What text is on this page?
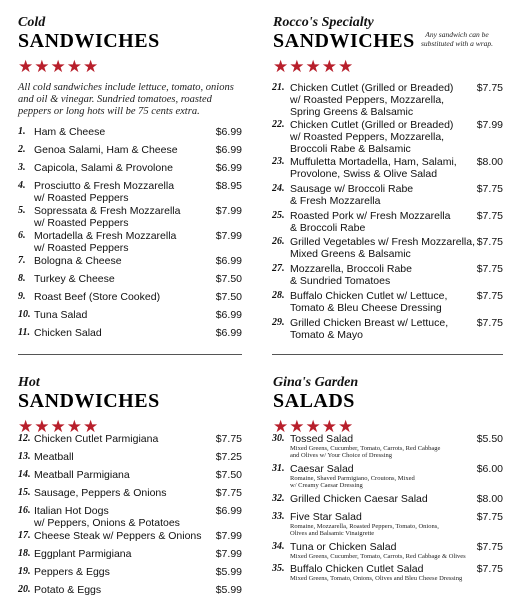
Cold
SANDWICHES
★★★★★
All cold sandwiches include lettuce, tomato, onions and oil & vinegar. Sundried tomatoes, roasted peppers or long hots will be 75 cents extra.
1. Ham & Cheese	$6.99
2. Genoa Salami, Ham & Cheese	$6.99
3. Capicola, Salami & Provolone	$6.99
4. Prosciutto & Fresh Mozzarella
w/ Roasted Peppers
$8.95
5. Sopressata & Fresh Mozzarella
w/ Roasted Peppers
$7.99
6. Mortadella & Fresh Mozzarella
w/ Roasted Peppers
$7.99
7. Bologna & Cheese	$6.99
8. Turkey & Cheese	$7.50
9. Roast Beef (Store Cooked)	$7.50
10. Tuna Salad	$6.99
11. Chicken Salad	$6.99
Rocco's Specialty
SANDWICHES
★★★★★
Any sandwich can be
substituted with a wrap.
21. Chicken Cutlet (Grilled or Breaded)
w/ Roasted Peppers, Mozzarella,
Spring Greens & Balsamic
$7.75
22. Chicken Cutlet (Grilled or Breaded)
w/ Roasted Peppers, Mozzarella,
Broccoli Rabe & Balsamic
$7.99
23. Muffuletta Mortadella, Ham, Salami,
Provolone, Swiss & Olive Salad
$8.00
24. Sausage w/ Broccoli Rabe
& Fresh Mozzarella
$7.75
25. Roasted Pork w/ Fresh Mozzarella
& Broccoli Rabe
$7.75
26. Grilled Vegetables w/ Fresh Mozzarella,
Mixed Greens & Balsamic
$7.75
27. Mozzarella, Broccoli Rabe
& Sundried Tomatoes
$7.75
28. Buffalo Chicken Cutlet w/ Lettuce,
Tomato & Bleu Cheese Dressing
$7.75
29. Grilled Chicken Breast w/ Lettuce,
Tomato & Mayo
$7.75
Hot
SANDWICHES
★★★★★
12. Chicken Cutlet Parmigiana	$7.75
13. Meatball	$7.25
14. Meatball Parmigiana	$7.50
15. Sausage, Peppers & Onions	$7.75
16. Italian Hot Dogs
w/ Peppers, Onions & Potatoes
$6.99
17. Cheese Steak w/ Peppers & Onions $7.99
18. Eggplant Parmigiana	$7.99
19. Peppers & Eggs	$5.99
20. Potato & Eggs	$5.99
Gina's Garden
SALADS
★★★★★
30. Tossed Salad
Mixed Greens, Cucumber, Tomato, Carrots, Red Cabbage
and Olives w/ Your Choice of Dressing
$5.50
31. Caesar Salad
Romaine, Shaved Parmigiano, Croutons, Mixed
w/ Creamy Caesar Dressing
$6.00
32. Grilled Chicken Caesar Salad	$8.00
33. Five Star Salad
Romaine, Mozzarella, Roasted Peppers, Tomato, Onions,
Olives and Balsamic Vinaigrette
$7.75
34. Tuna or Chicken Salad
Mixed Greens, Cucumber, Tomato, Carrots, Red Cabbage & Olives
$7.75
35. Buffalo Chicken Cutlet Salad
Mixed Greens, Tomato, Onions, Olives and Bleu Cheese Dressing
$7.75
